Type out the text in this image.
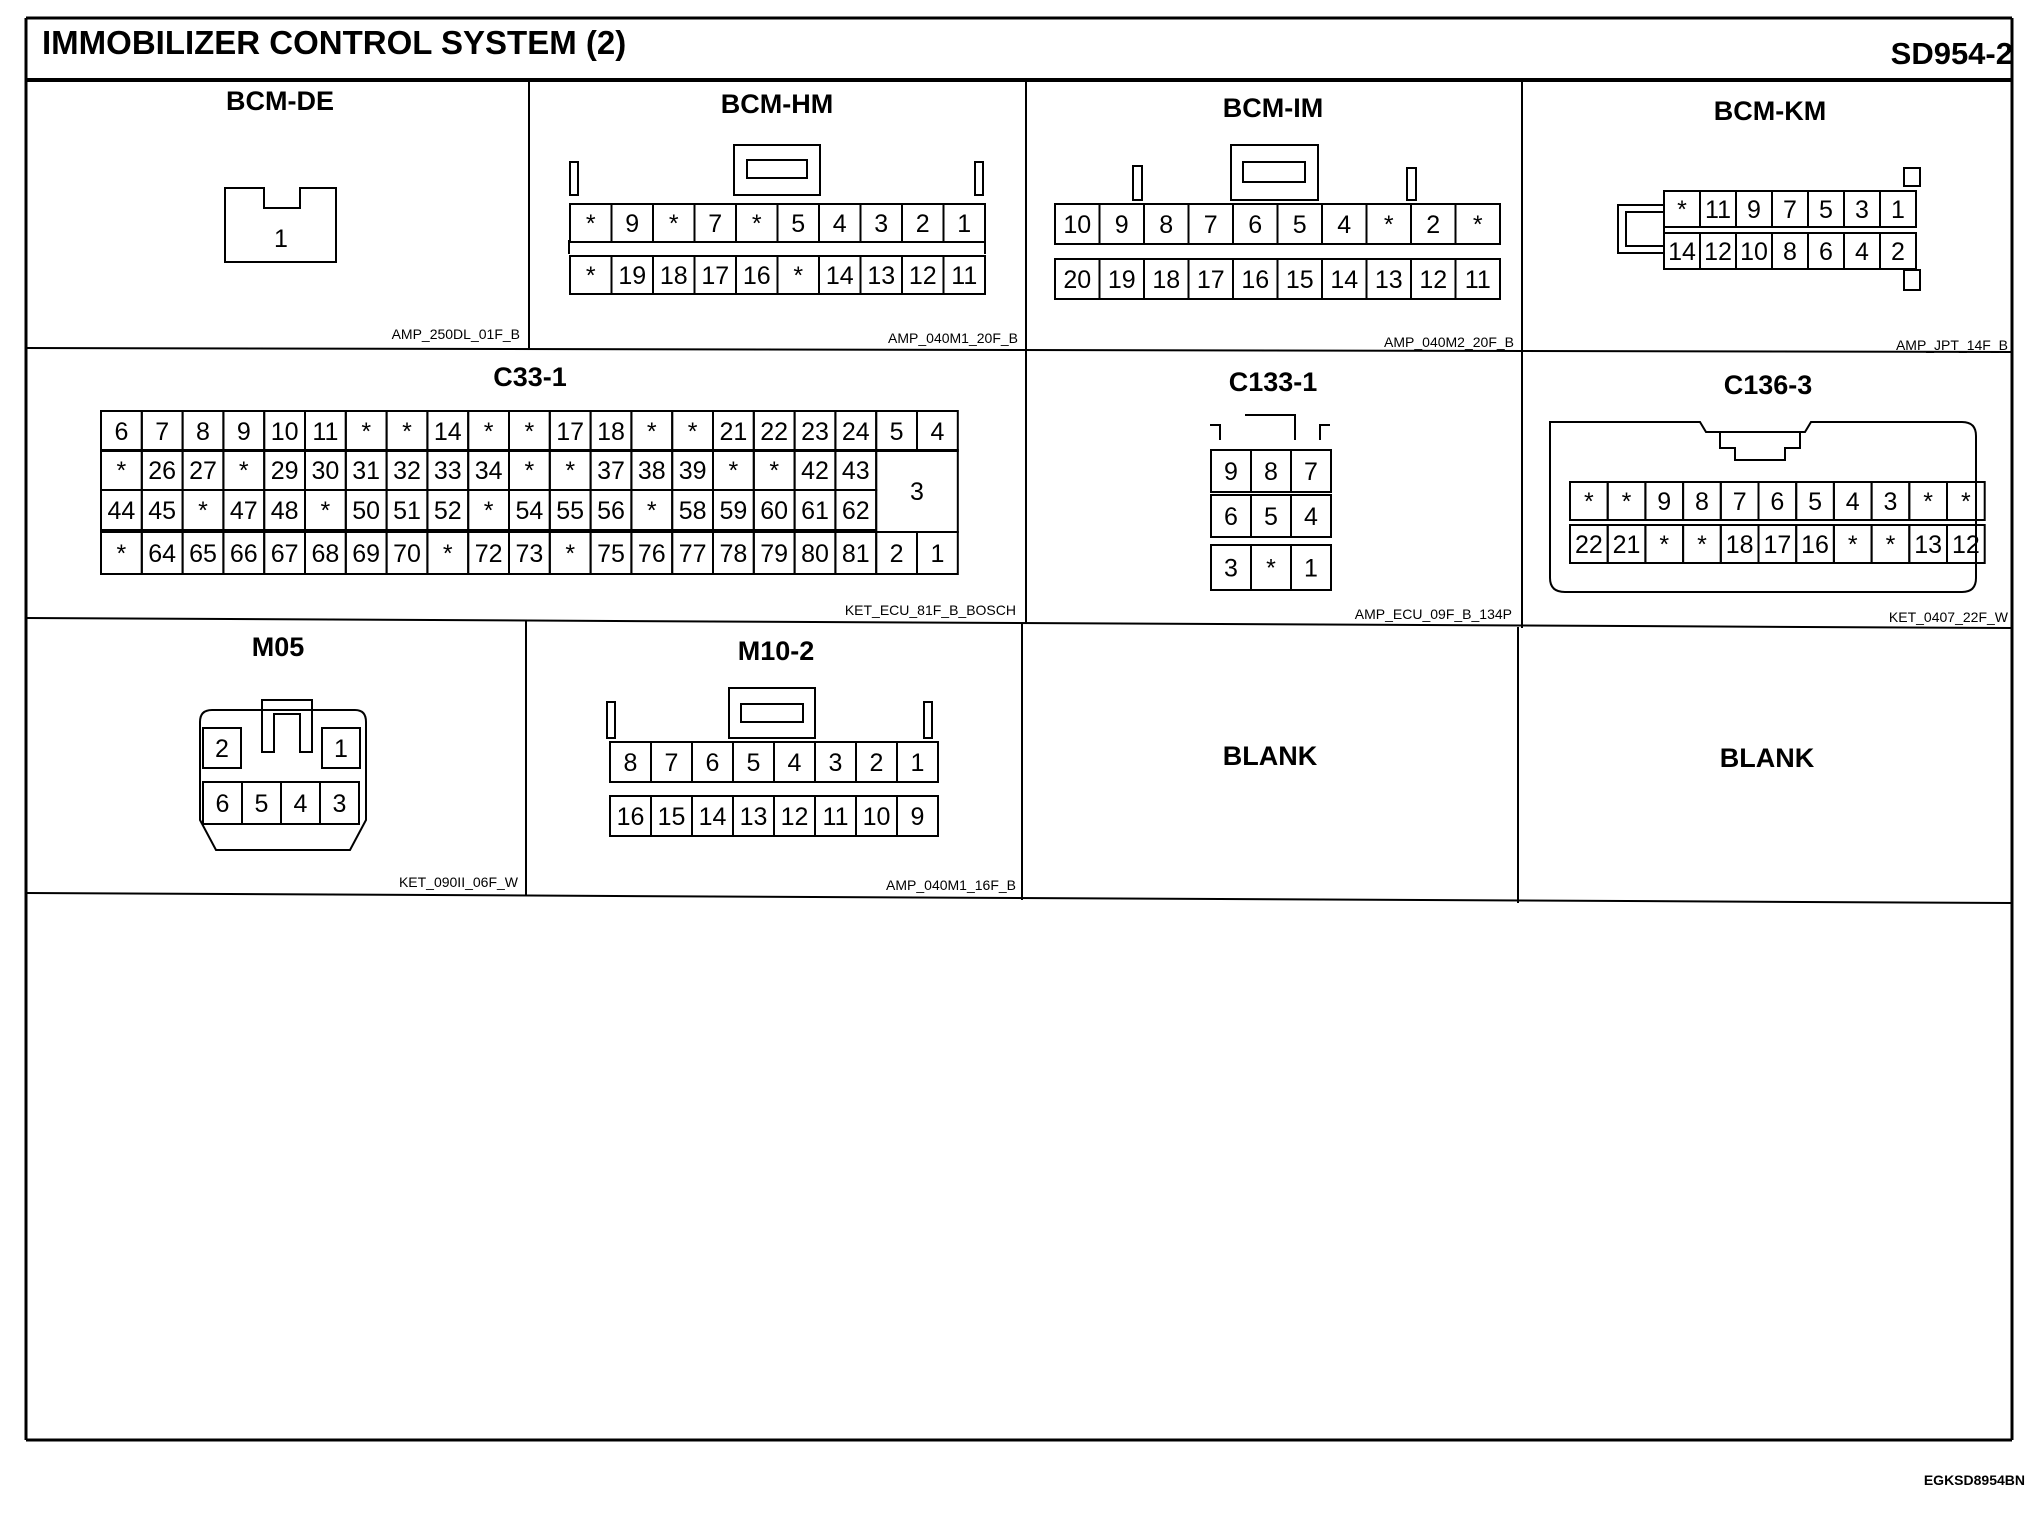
IMMOBILIZER CONTROL SYSTEM (2)	SD954-2
EGKSD8954BN
BCM-DE	BCM-HM	BCM-IM	BCM-KM
C33-1	C133-1	C136-3
M05	M10-2
BLANK	BLANK
AMP_250DL_01F_B	AMP_040M1_20F_B	AMP_040M2_20F_B	AMP_JPT_14F_B
KET_ECU_81F_B_BOSCH	AMP_ECU_09F_B_134P	KET_0407_22F_W
KET_090II_06F_W	AMP_040M1_16F_B
1
* 9 * 7 * 5 4 3 2 1
* 19 18 17 16 * 14 13 12 11
10 9 8 7 6 5 4 * 2 *
20 19 18 17 16 15 14 13 12 11
* 11 9 7 5 3 1
14 12 10 8 6 4 2
6 7 8 9 10 11 * * 14 * * 17 18 * * 21 22 23 24 5 4
* 26 27 * 29 30 31 32 33 34 * * 37 38 39 * * 42 43
44 45 * 47 48 * 50 51 52 * 54 55 56 * 58 59 60 61 62
* 64 65 66 67 68 69 70 * 72 73 * 75 76 77 78 79 80 81 2 1
3
9 8 7
6 5 4
3 * 1
* * 9 8 7 6 5 4 3 * *
22 21 * * 18 17 16 * * 13 12
8 7 6 5 4 3 2 1
16 15 14 13 12 11 10 9
2	1
6 5 4 3
